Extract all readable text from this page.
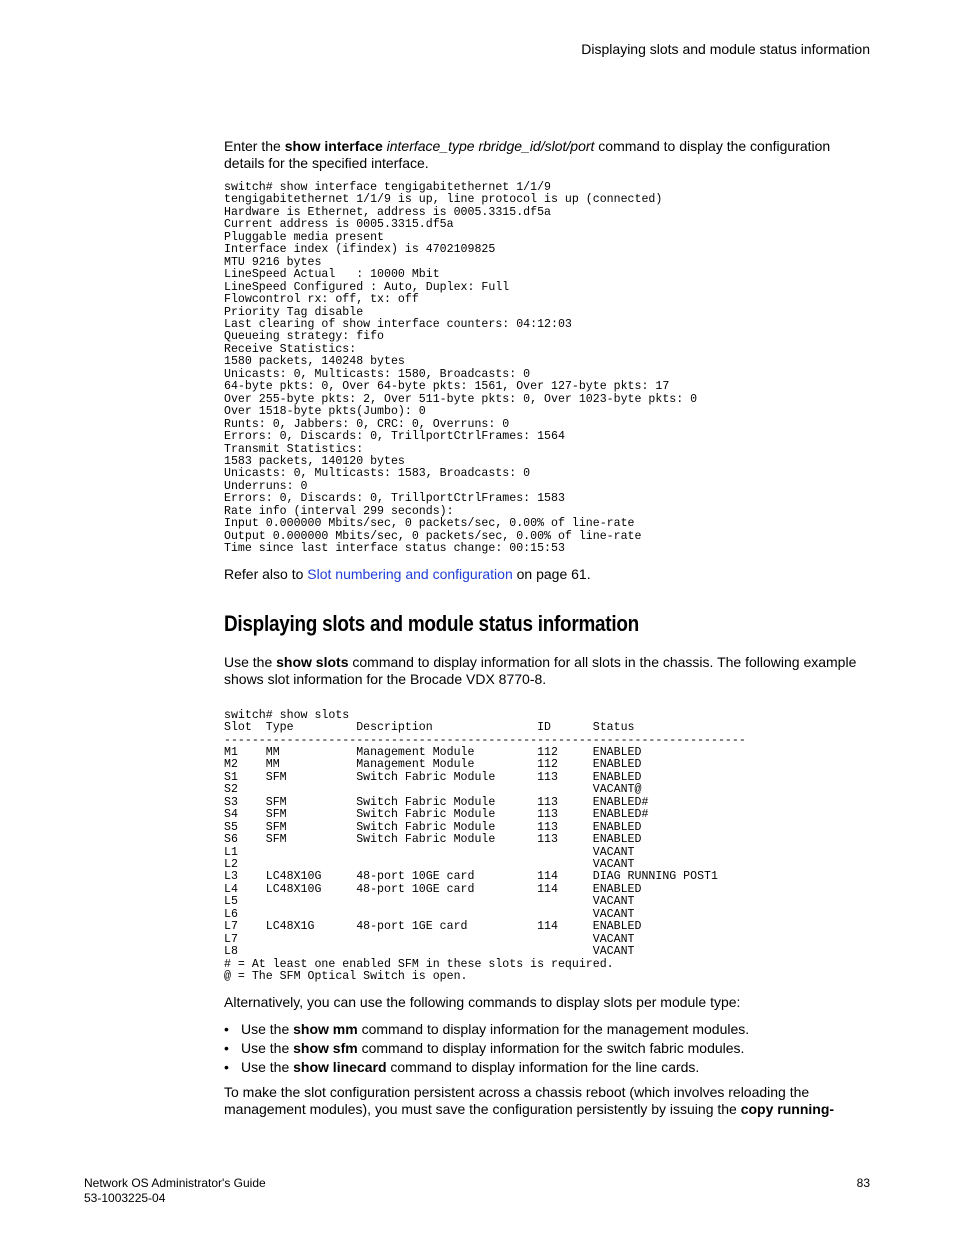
Displaying slots and module status information

Enter the show interface interface_type rbridge_id/slot/port command to display the configuration details for the specified interface.

switch# show interface tengigabitethernet 1/1/9
tengigabitethernet 1/1/9 is up, line protocol is up (connected)
Hardware is Ethernet, address is 0005.3315.df5a
Current address is 0005.3315.df5a
Pluggable media present
Interface index (ifindex) is 4702109825
MTU 9216 bytes
LineSpeed Actual   : 10000 Mbit
LineSpeed Configured : Auto, Duplex: Full
Flowcontrol rx: off, tx: off
Priority Tag disable
Last clearing of show interface counters: 04:12:03
Queueing strategy: fifo
Receive Statistics:
1580 packets, 140248 bytes
Unicasts: 0, Multicasts: 1580, Broadcasts: 0
64-byte pkts: 0, Over 64-byte pkts: 1561, Over 127-byte pkts: 17
Over 255-byte pkts: 2, Over 511-byte pkts: 0, Over 1023-byte pkts: 0
Over 1518-byte pkts(Jumbo): 0
Runts: 0, Jabbers: 0, CRC: 0, Overruns: 0
Errors: 0, Discards: 0, TrillportCtrlFrames: 1564
Transmit Statistics:
1583 packets, 140120 bytes
Unicasts: 0, Multicasts: 1583, Broadcasts: 0
Underruns: 0
Errors: 0, Discards: 0, TrillportCtrlFrames: 1583
Rate info (interval 299 seconds):
Input 0.000000 Mbits/sec, 0 packets/sec, 0.00% of line-rate
Output 0.000000 Mbits/sec, 0 packets/sec, 0.00% of line-rate
Time since last interface status change: 00:15:53

Refer also to Slot numbering and configuration on page 61.

Displaying slots and module status information

Use the show slots command to display information for all slots in the chassis. The following example shows slot information for the Brocade VDX 8770-8.

switch# show slots
Slot  Type         Description               ID      Status
---------------------------------------------------------------------------
M1    MM           Management Module         112     ENABLED
M2    MM           Management Module         112     ENABLED
S1    SFM          Switch Fabric Module      113     ENABLED
S2                                                   VACANT@
S3    SFM          Switch Fabric Module      113     ENABLED#
S4    SFM          Switch Fabric Module      113     ENABLED#
S5    SFM          Switch Fabric Module      113     ENABLED
S6    SFM          Switch Fabric Module      113     ENABLED
L1                                                   VACANT
L2                                                   VACANT
L3    LC48X10G     48-port 10GE card         114     DIAG RUNNING POST1
L4    LC48X10G     48-port 10GE card         114     ENABLED
L5                                                   VACANT
L6                                                   VACANT
L7    LC48X1G      48-port 1GE card          114     ENABLED
L7                                                   VACANT
L8                                                   VACANT
# = At least one enabled SFM in these slots is required.
@ = The SFM Optical Switch is open.

Alternatively, you can use the following commands to display slots per module type:

• Use the show mm command to display information for the management modules.
• Use the show sfm command to display information for the switch fabric modules.
• Use the show linecard command to display information for the line cards.

To make the slot configuration persistent across a chassis reboot (which involves reloading the management modules), you must save the configuration persistently by issuing the copy running-

Network OS Administrator's Guide
53-1003225-04
83
